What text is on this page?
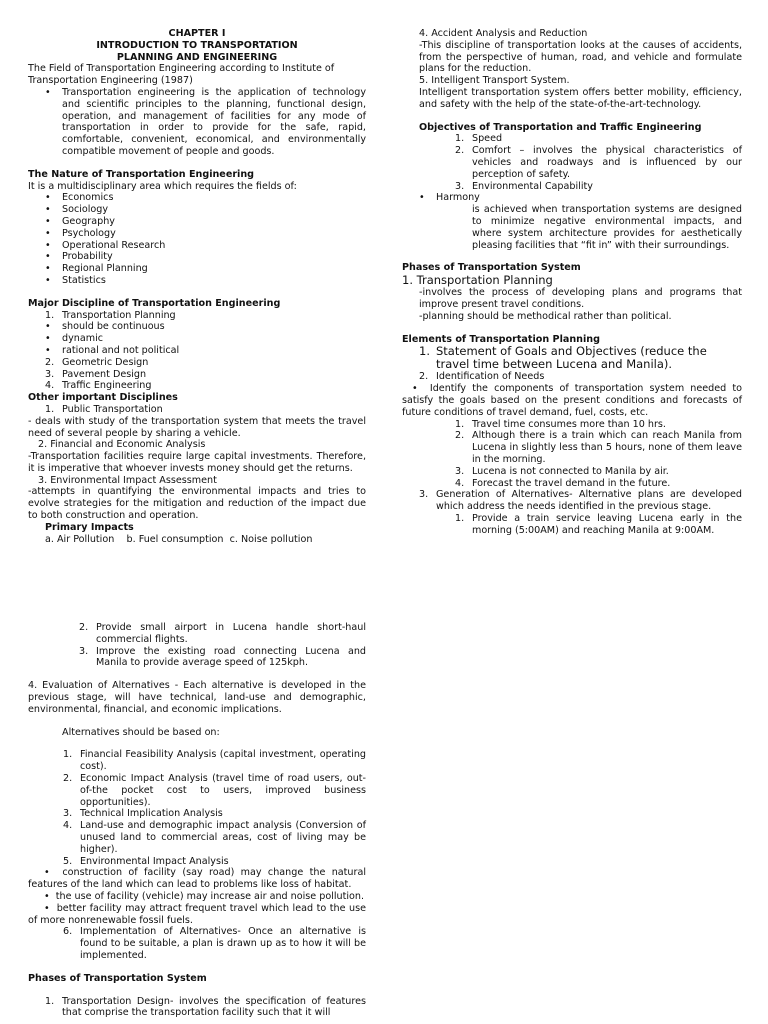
CHAPTER I
INTRODUCTION TO TRANSPORTATION
PLANNING AND ENGINEERING

The Field of Transportation Engineering according to Institute of Transportation Engineering (1987)

• Transportation engineering is the application of technology and scientific principles to the planning, functional design, operation, and management of facilities for any mode of transportation in order to provide for the safe, rapid, comfortable, convenient, economical, and environmentally compatible movement of people and goods.
The Nature of Transportation Engineering

It is a multidisciplinary area which requires the fields of:

• Economics
• Sociology
• Geography
• Psychology
• Operational Research
• Probability
• Regional Planning
• Statistics
Major Discipline of Transportation Engineering
1. Transportation Planning
• should be continuous
• dynamic
• rational and not political
2. Geometric Design
3. Pavement Design
4. Traffic Engineering
Other important Disciplines
1. Public Transportation

- deals with study of the transportation system that meets the travel need of several people by sharing a vehicle.

2. Financial and Economic Analysis

-Transportation facilities require large capital investments. Therefore, it is imperative that whoever invests money should get the returns.

3. Environmental Impact Assessment

-attempts in quantifying the environmental impacts and tries to evolve strategies for the mitigation and reduction of the impact due to both construction and operation.

Primary Impacts

a. Air Pollution b. Fuel consumption c. Noise pollution

4. Accident Analysis and Reduction

-This discipline of transportation looks at the causes of accidents, from the perspective of human, road, and vehicle and formulate plans for the reduction.

5. Intelligent Transport System.

Intelligent transportation system offers better mobility, efficiency, and safety with the help of the state-of-the-art-technology.

Objectives of Transportation and Traffic Engineering
1. Speed
2. Comfort – involves the physical characteristics of vehicles and roadways and is influenced by our perception of safety.
3. Environmental Capability
• Harmony

is achieved when transportation systems are designed to minimize negative environmental impacts, and where system architecture provides for aesthetically pleasing facilities that “fit in” with their surroundings.

Phases of Transportation System

1. Transportation Planning

-involves the process of developing plans and programs that improve present travel conditions.

-planning should be methodical rather than political.

Elements of Transportation Planning
1. Statement of Goals and Objectives (reduce the travel time between Lucena and Manila).
2. Identification of Needs

•  Identify the components of transportation system needed to satisfy the goals based on the present conditions and forecasts of future conditions of travel demand, fuel, costs, etc.

1. Travel time consumes more than 10 hrs.
2. Although there is a train which can reach Manila from Lucena in slightly less than 5 hours, none of them leave in the morning.
3. Lucena is not connected to Manila by air.
4. Forecast the travel demand in the future.
3. Generation of Alternatives- Alternative plans are developed which address the needs identified in the previous stage.
1. Provide a train service leaving Lucena early in the morning (5:00AM) and reaching Manila at 9:00AM.
2. Provide small airport in Lucena handle short-haul commercial flights.
3. Improve the existing road connecting Lucena and Manila to provide average speed of 125kph.

4. Evaluation of Alternatives - Each alternative is developed in the previous stage, will have technical, land-use and demographic, environmental, financial, and economic implications.

Alternatives should be based on:

1. Financial Feasibility Analysis (capital investment, operating cost).
2. Economic Impact Analysis (travel time of road users, out-of-the pocket cost to users, improved business opportunities).
3. Technical Implication Analysis
4. Land-use and demographic impact analysis (Conversion of unused land to commercial areas, cost of living may be higher).
5. Environmental Impact Analysis

•  construction of facility (say road) may change the natural features of the land which can lead to problems like loss of habitat.

•  the use of facility (vehicle) may increase air and noise pollution.

•  better facility may attract frequent travel which lead to the use of more nonrenewable fossil fuels.

6. Implementation of Alternatives- Once an alternative is found to be suitable, a plan is drawn up as to how it will be implemented.
Phases of Transportation System
1. Transportation Design- involves the specification of features that comprise the transportation facility such that it will
